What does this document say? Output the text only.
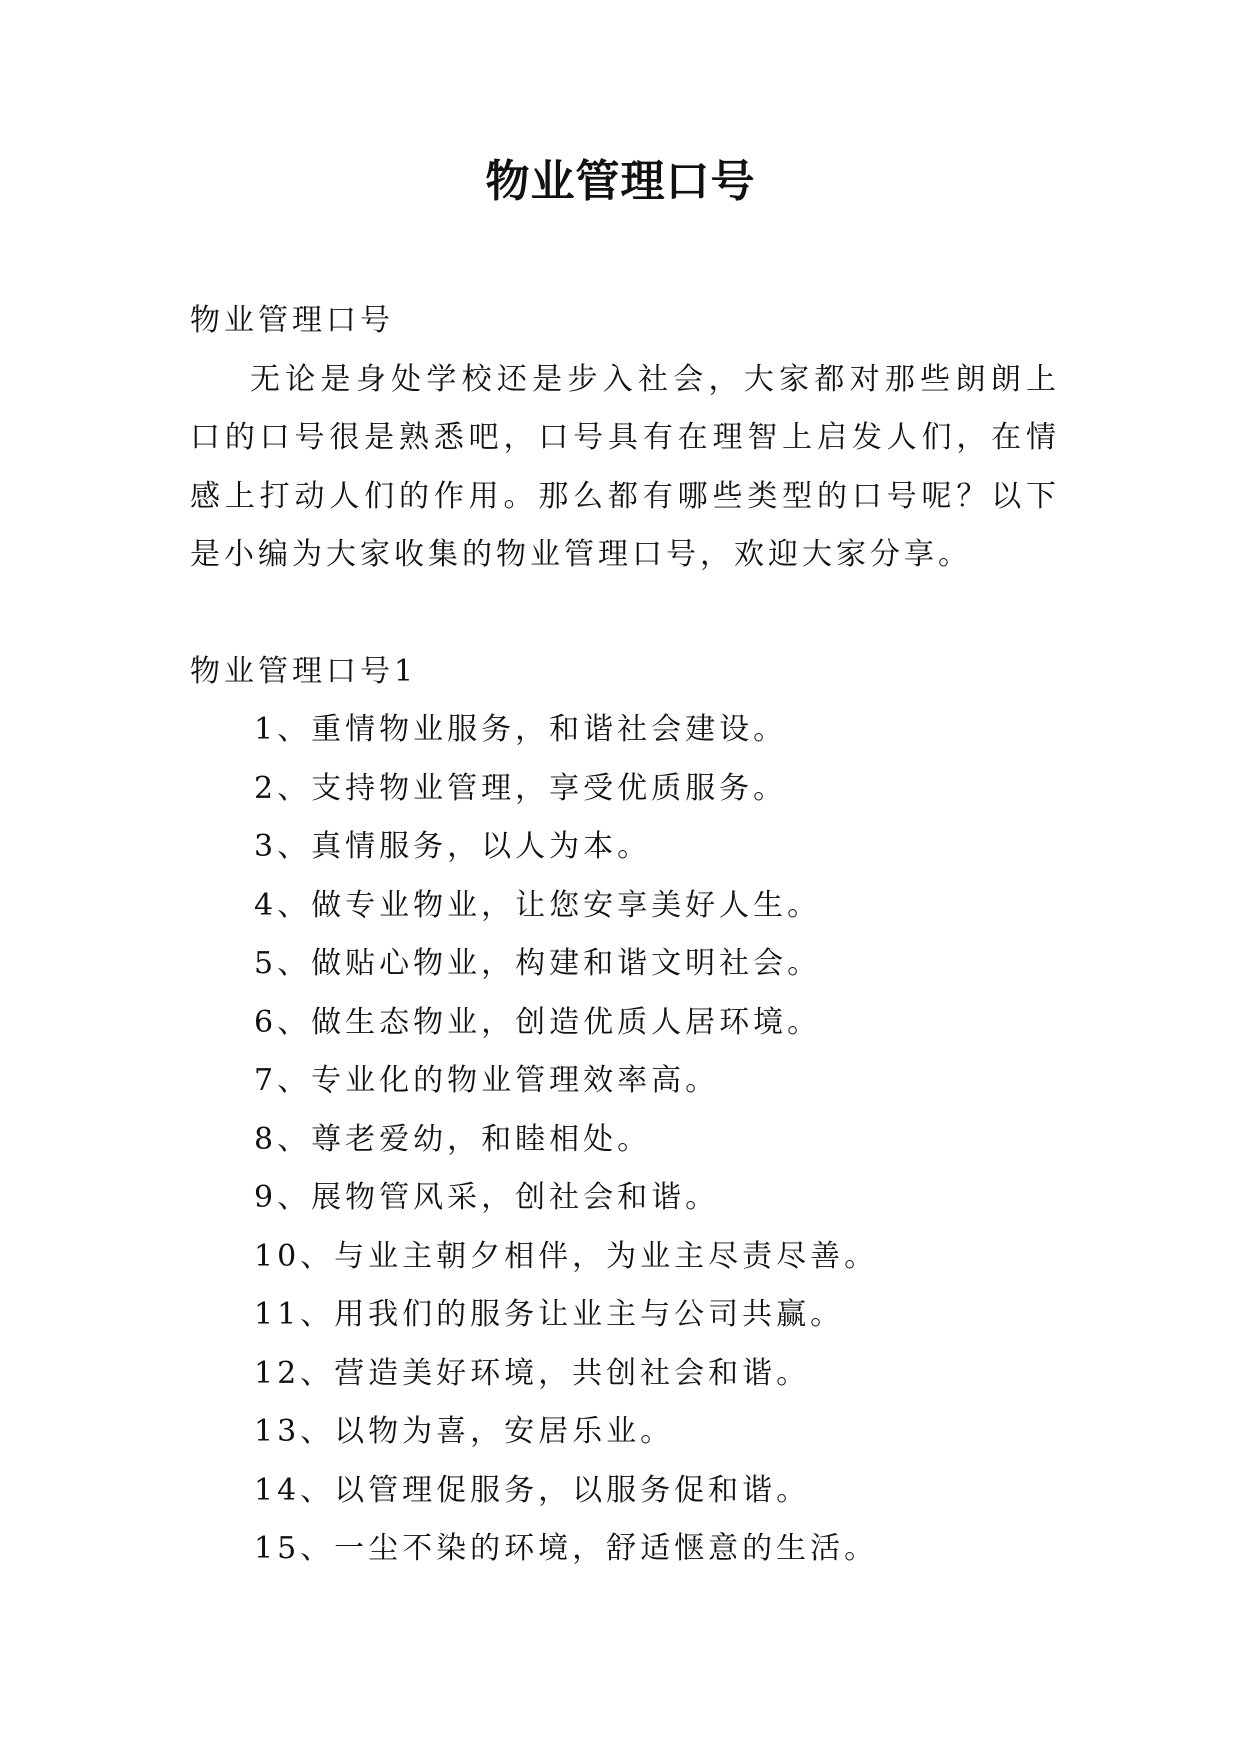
物业管理口号

物业管理口号

无论是身处学校还是步入社会，大家都对那些朗朗上口的口号很是熟悉吧，口号具有在理智上启发人们，在情感上打动人们的作用。那么都有哪些类型的口号呢？以下是小编为大家收集的物业管理口号，欢迎大家分享。

物业管理口号1

1、重情物业服务，和谐社会建设。
2、支持物业管理，享受优质服务。
3、真情服务，以人为本。
4、做专业物业，让您安享美好人生。
5、做贴心物业，构建和谐文明社会。
6、做生态物业，创造优质人居环境。
7、专业化的物业管理效率高。
8、尊老爱幼，和睦相处。
9、展物管风采，创社会和谐。
10、与业主朝夕相伴，为业主尽责尽善。
11、用我们的服务让业主与公司共赢。
12、营造美好环境，共创社会和谐。
13、以物为喜，安居乐业。
14、以管理促服务，以服务促和谐。
15、一尘不染的环境，舒适惬意的生活。
